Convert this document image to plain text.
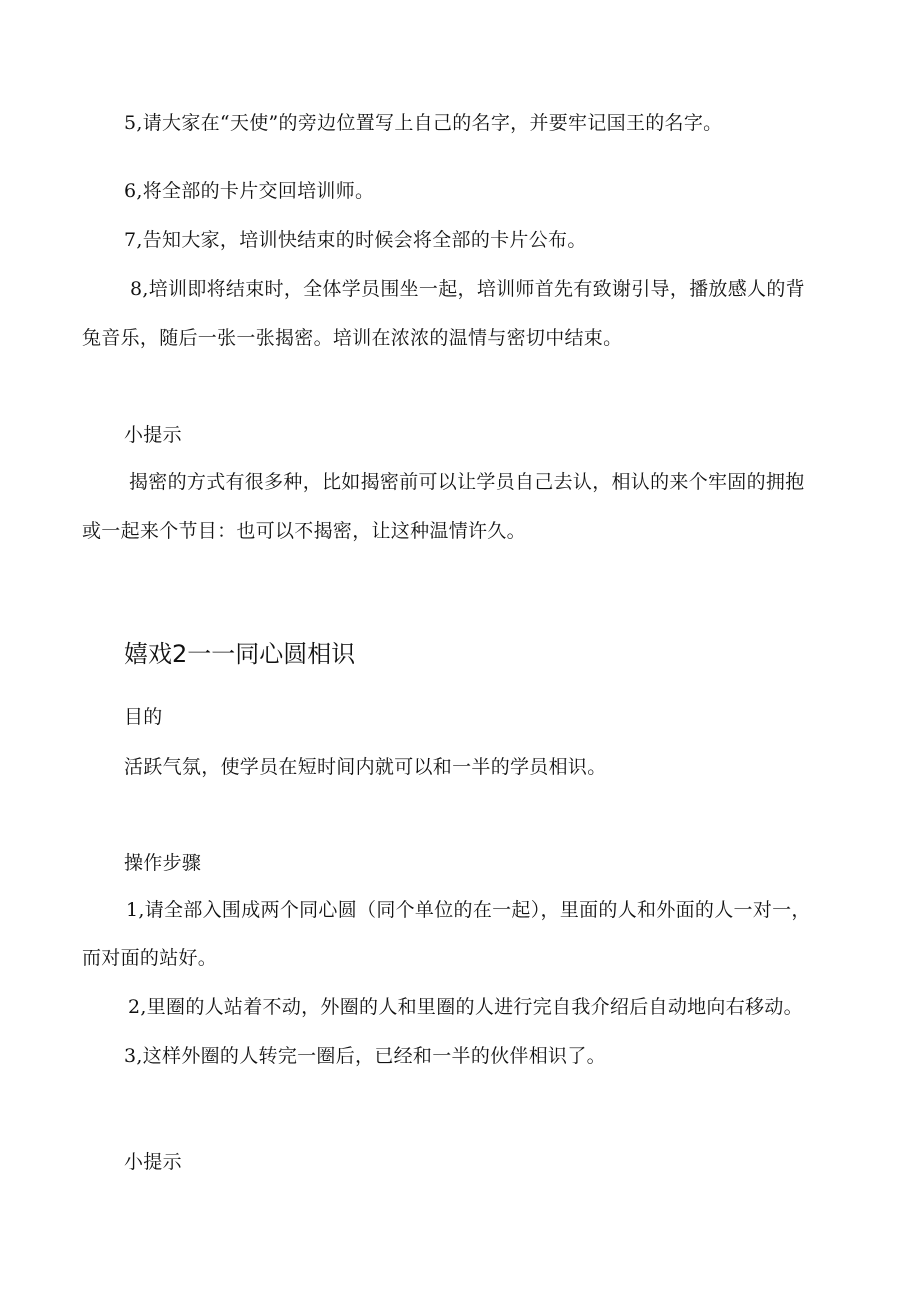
5,请大家在“天使”的旁边位置写上自己的名字，并要牢记国王的名字。
6,将全部的卡片交回培训师。
7,告知大家，培训快结束的时候会将全部的卡片公布。
8,培训即将结束时，全体学员围坐一起，培训师首先有致谢引导，播放感人的背
兔音乐，随后一张一张揭密。培训在浓浓的温情与密切中结束。
小提示
揭密的方式有很多种，比如揭密前可以让学员自己去认，相认的来个牢固的拥抱
或一起来个节目：也可以不揭密，让这种温情许久。
嬉戏2一一同心圆相识
目的
活跃气氛，使学员在短时间内就可以和一半的学员相识。
操作步骤
1,请全部入围成两个同心圆（同个单位的在一起），里面的人和外面的人一对一，
而对面的站好。
2,里圈的人站着不动，外圈的人和里圈的人进行完自我介绍后自动地向右移动。
3,这样外圈的人转完一圈后，已经和一半的伙伴相识了。
小提示
